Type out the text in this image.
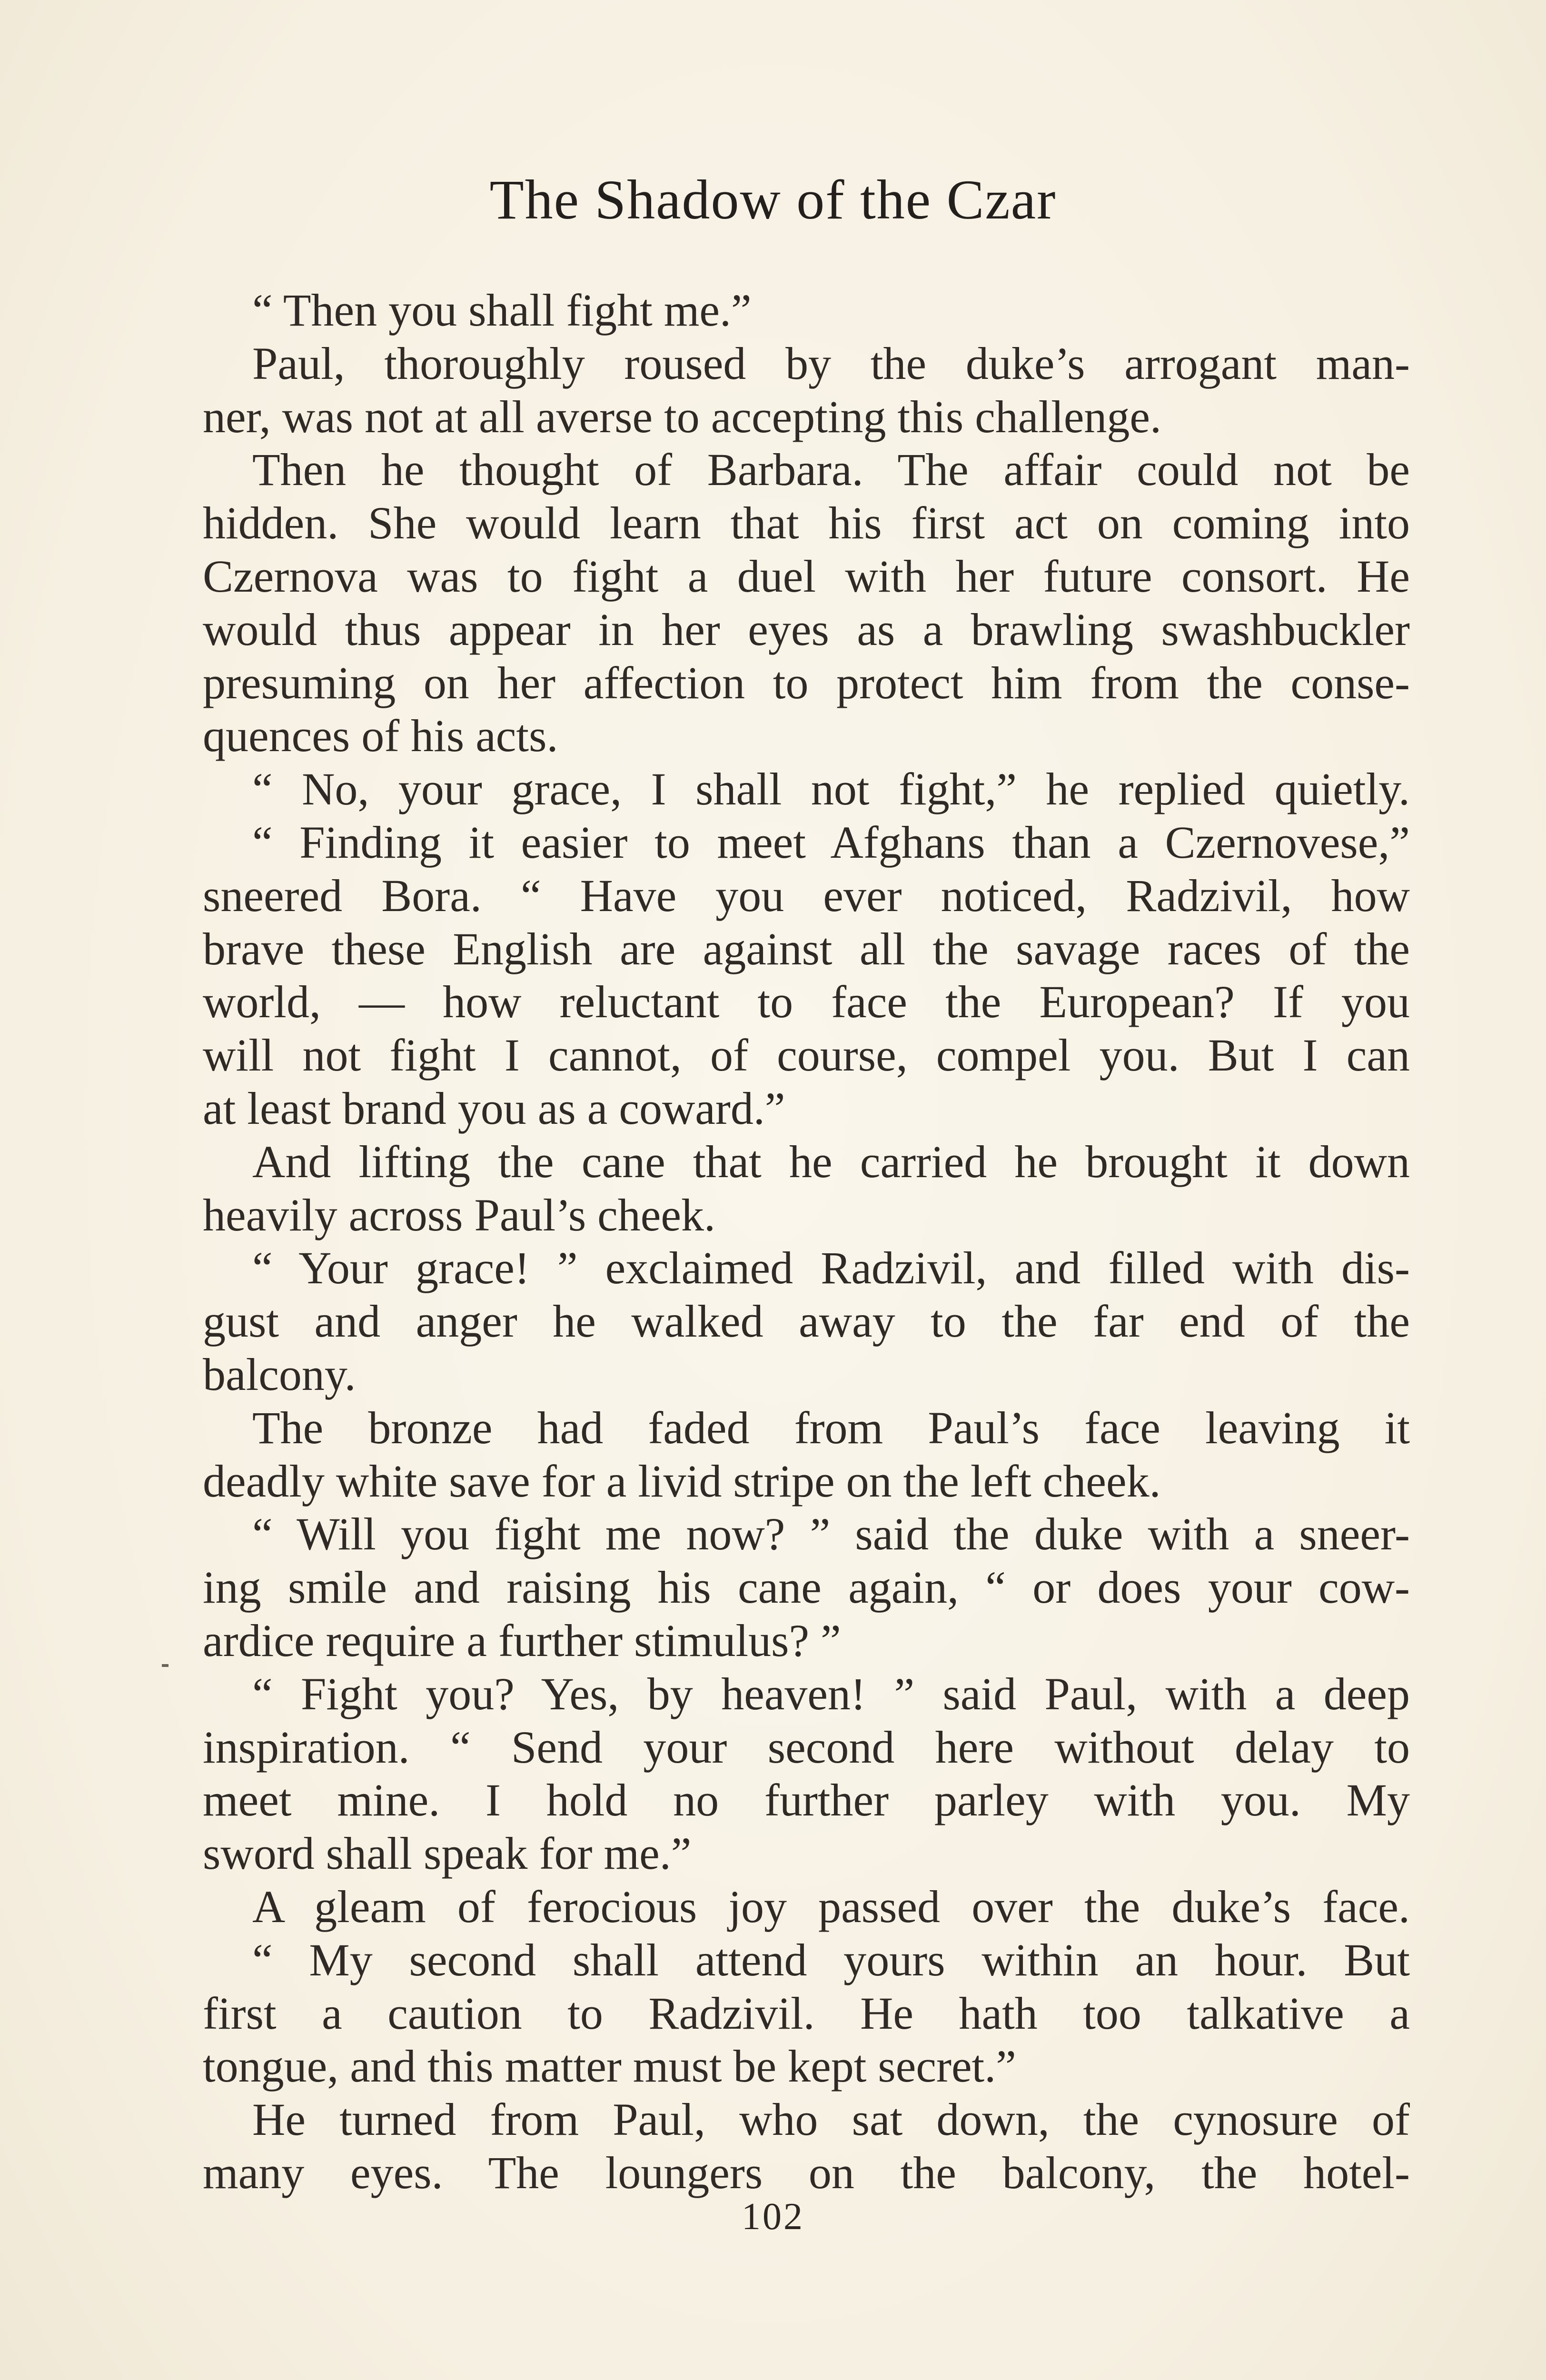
The Shadow of the Czar
“ Then you shall fight me.”
Paul, thoroughly roused by the duke’s arrogant man-
ner, was not at all averse to accepting this challenge.
Then he thought of Barbara. The affair could not be
hidden. She would learn that his first act on coming into
Czernova was to fight a duel with her future consort. He
would thus appear in her eyes as a brawling swashbuckler
presuming on her affection to protect him from the conse-
quences of his acts.
“ No, your grace, I shall not fight,” he replied quietly.
“ Finding it easier to meet Afghans than a Czernovese,”
sneered Bora. “ Have you ever noticed, Radzivil, how
brave these English are against all the savage races of the
world, — how reluctant to face the European? If you
will not fight I cannot, of course, compel you. But I can
at least brand you as a coward.”
And lifting the cane that he carried he brought it down
heavily across Paul’s cheek.
“ Your grace! ” exclaimed Radzivil, and filled with dis-
gust and anger he walked away to the far end of the
balcony.
The bronze had faded from Paul’s face leaving it
deadly white save for a livid stripe on the left cheek.
“ Will you fight me now? ” said the duke with a sneer-
ing smile and raising his cane again, “ or does your cow-
ardice require a further stimulus? ”
“ Fight you? Yes, by heaven! ” said Paul, with a deep
inspiration. “ Send your second here without delay to
meet mine. I hold no further parley with you. My
sword shall speak for me.”
A gleam of ferocious joy passed over the duke’s face.
“ My second shall attend yours within an hour. But
first a caution to Radzivil. He hath too talkative a
tongue, and this matter must be kept secret.”
He turned from Paul, who sat down, the cynosure of
many eyes. The loungers on the balcony, the hotel-
102
